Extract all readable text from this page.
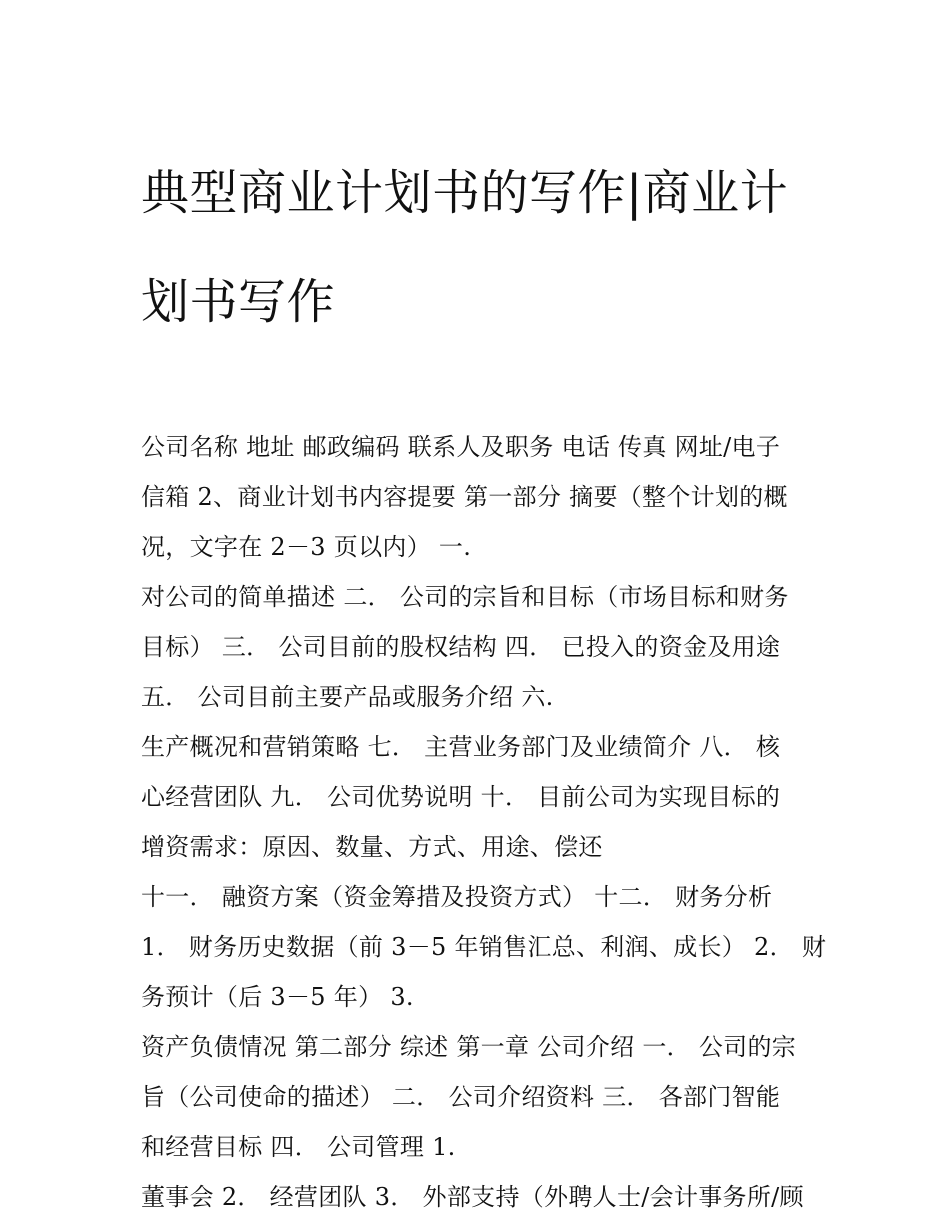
典型商业计划书的写作|商业计

划书写作

公司名称 地址 邮政编码 联系人及职务 电话 传真 网址/电子
信箱 2、商业计划书内容提要 第一部分 摘要（整个计划的概
况，文字在 2－3 页以内） 一.

对公司的简单描述 二． 公司的宗旨和目标（市场目标和财务
目标） 三． 公司目前的股权结构 四． 已投入的资金及用途
五． 公司目前主要产品或服务介绍 六.

生产概况和营销策略 七． 主营业务部门及业绩简介 八． 核
心经营团队 九． 公司优势说明 十． 目前公司为实现目标的
增资需求：原因、数量、方式、用途、偿还

十一． 融资方案（资金筹措及投资方式） 十二． 财务分析
1． 财务历史数据（前 3－5 年销售汇总、利润、成长） 2． 财
务预计（后 3－5 年） 3.

资产负债情况 第二部分 综述 第一章 公司介绍 一． 公司的宗
旨（公司使命的描述） 二． 公司介绍资料 三． 各部门智能
和经营目标 四． 公司管理 1.

董事会 2． 经营团队 3． 外部支持（外聘人士/会计事务所/顾
